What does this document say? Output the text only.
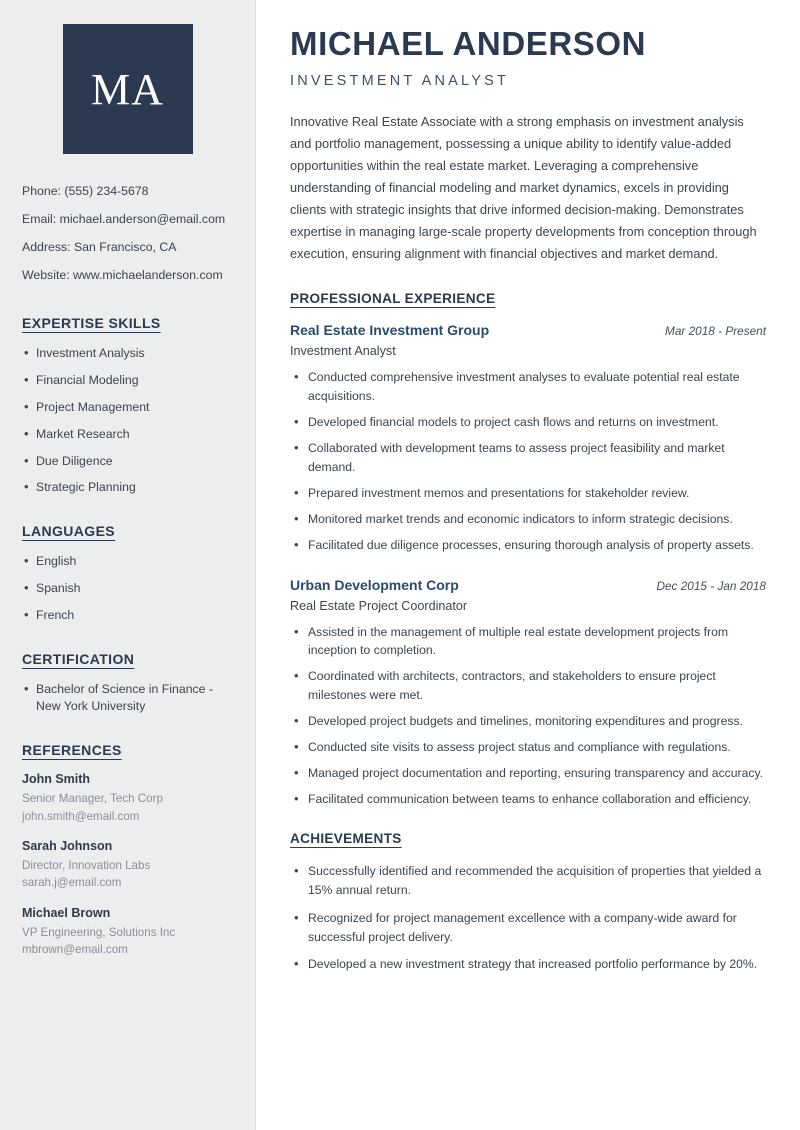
MA
Phone: (555) 234-5678
Email: michael.anderson@email.com
Address: San Francisco, CA
Website: www.michaelanderson.com
EXPERTISE SKILLS
• Investment Analysis
• Financial Modeling
• Project Management
• Market Research
• Due Diligence
• Strategic Planning
LANGUAGES
• English
• Spanish
• French
CERTIFICATION
• Bachelor of Science in Finance - New York University
REFERENCES
John Smith
Senior Manager, Tech Corp
john.smith@email.com
Sarah Johnson
Director, Innovation Labs
sarah.j@email.com
Michael Brown
VP Engineering, Solutions Inc
mbrown@email.com
MICHAEL ANDERSON
INVESTMENT ANALYST

Innovative Real Estate Associate with a strong emphasis on investment analysis and portfolio management, possessing a unique ability to identify value-added opportunities within the real estate market. Leveraging a comprehensive understanding of financial modeling and market dynamics, excels in providing clients with strategic insights that drive informed decision-making. Demonstrates expertise in managing large-scale property developments from conception through execution, ensuring alignment with financial objectives and market demand.

PROFESSIONAL EXPERIENCE
Real Estate Investment Group	Mar 2018 - Present
Investment Analyst
• Conducted comprehensive investment analyses to evaluate potential real estate acquisitions.
• Developed financial models to project cash flows and returns on investment.
• Collaborated with development teams to assess project feasibility and market demand.
• Prepared investment memos and presentations for stakeholder review.
• Monitored market trends and economic indicators to inform strategic decisions.
• Facilitated due diligence processes, ensuring thorough analysis of property assets.
Urban Development Corp	Dec 2015 - Jan 2018
Real Estate Project Coordinator
• Assisted in the management of multiple real estate development projects from inception to completion.
• Coordinated with architects, contractors, and stakeholders to ensure project milestones were met.
• Developed project budgets and timelines, monitoring expenditures and progress.
• Conducted site visits to assess project status and compliance with regulations.
• Managed project documentation and reporting, ensuring transparency and accuracy.
• Facilitated communication between teams to enhance collaboration and efficiency.
ACHIEVEMENTS
• Successfully identified and recommended the acquisition of properties that yielded a 15% annual return.
• Recognized for project management excellence with a company-wide award for successful project delivery.
• Developed a new investment strategy that increased portfolio performance by 20%.
